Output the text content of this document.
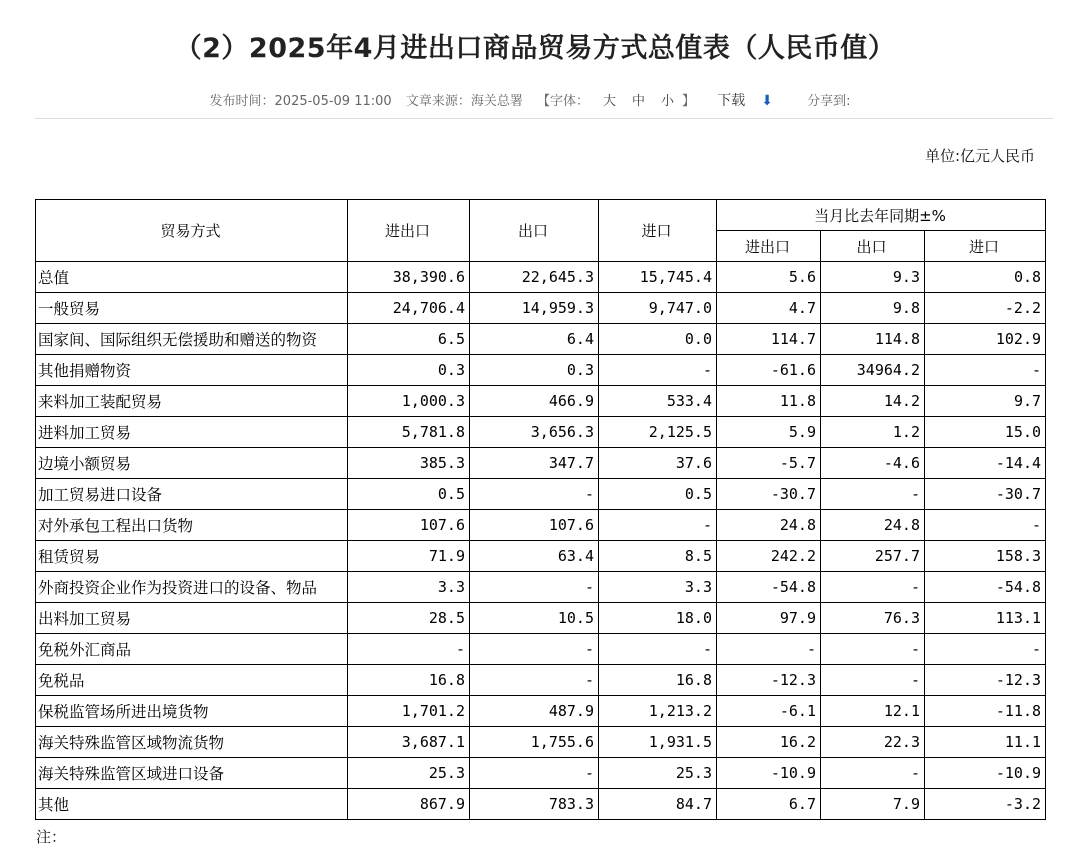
（2）2025年4月进出口商品贸易方式总值表（人民币值）
发布时间：2025-05-09 11:00 文章来源：海关总署 【字体： 大 中 小 】 下载 ⬇	分享到:
单位:亿元人民币
贸易方式	进出口	出口	进口	当月比去年同期±%		
				进出口	出口	进口
总值	38,390.6	22,645.3	15,745.4	5.6	9.3	0.8
一般贸易	24,706.4	14,959.3	9,747.0	4.7	9.8	-2.2
国家间、国际组织无偿援助和赠送的物资	6.5	6.4	0.0	114.7	114.8	102.9
其他捐赠物资	0.3	0.3	-	-61.6	34964.2	-
来料加工装配贸易	1,000.3	466.9	533.4	11.8	14.2	9.7
进料加工贸易	5,781.8	3,656.3	2,125.5	5.9	1.2	15.0
边境小额贸易	385.3	347.7	37.6	-5.7	-4.6	-14.4
加工贸易进口设备	0.5	-	0.5	-30.7	-	-30.7
对外承包工程出口货物	107.6	107.6	-	24.8	24.8	-
租赁贸易	71.9	63.4	8.5	242.2	257.7	158.3
外商投资企业作为投资进口的设备、物品	3.3	-	3.3	-54.8	-	-54.8
出料加工贸易	28.5	10.5	18.0	97.9	76.3	113.1
免税外汇商品	-	-	-	-	-	-
免税品	16.8	-	16.8	-12.3	-	-12.3
保税监管场所进出境货物	1,701.2	487.9	1,213.2	-6.1	12.1	-11.8
海关特殊监管区域物流货物	3,687.1	1,755.6	1,931.5	16.2	22.3	11.1
海关特殊监管区域进口设备	25.3	-	25.3	-10.9	-	-10.9
其他	867.9	783.3	84.7	6.7	7.9	-3.2
注：
